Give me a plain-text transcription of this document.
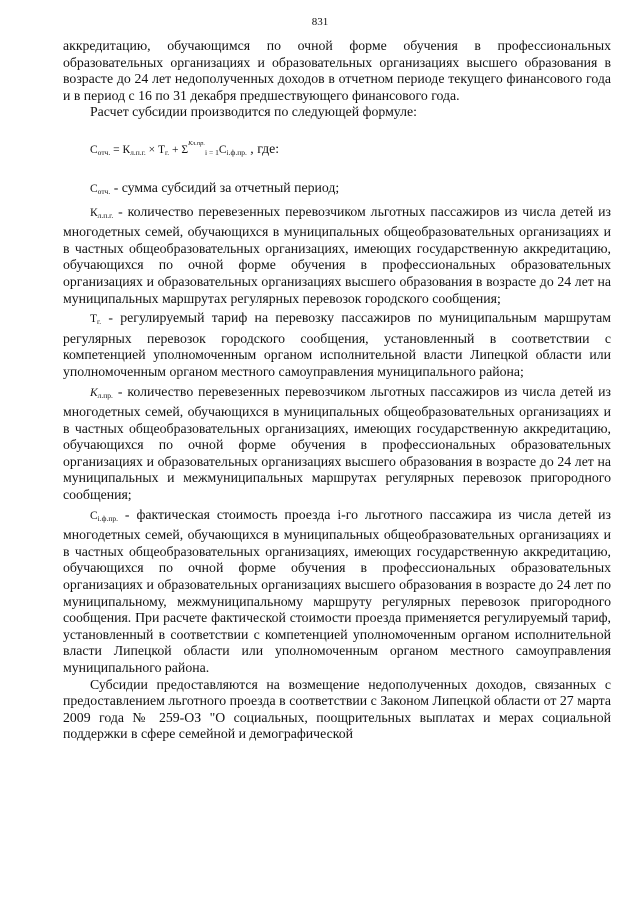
831

аккредитацию, обучающимся по очной форме обучения в профессиональных образовательных организациях и образовательных организациях высшего образования в возрасте до 24 лет недополученных доходов в отчетном периоде текущего финансового года и в период с 16 по 31 декабря предшествующего финансового года.

Расчет субсидии производится по следующей формуле:

$С_{отч.} = К_{л.п.г.} \times Т_{г.} + \Sigma^{Кл.пр.}_{i = 1}С_{i.ф.пр.}$ , где:

$С_{отч.}$ - сумма субсидий за отчетный период;

$К_{л.п.г.}$ - количество перевезенных перевозчиком льготных пассажиров из числа детей из многодетных семей, обучающихся в муниципальных общеобразовательных организациях и в частных общеобразовательных организациях, имеющих государственную аккредитацию, обучающихся по очной форме обучения в профессиональных образовательных организациях и образовательных организациях высшего образования в возрасте до 24 лет на муниципальных маршрутах регулярных перевозок городского сообщения;

$Т_{г.}$ - регулируемый тариф на перевозку пассажиров по муниципальным маршрутам регулярных перевозок городского сообщения, установленный в соответствии с компетенцией уполномоченным органом исполнительной власти Липецкой области или уполномоченным органом местного самоуправления муниципального района;

$К_{л.пр.}$ - количество перевезенных перевозчиком льготных пассажиров из числа детей из многодетных семей, обучающихся в муниципальных общеобразовательных организациях и в частных общеобразовательных организациях, имеющих государственную аккредитацию, обучающихся по очной форме обучения в профессиональных образовательных организациях и образовательных организациях высшего образования в возрасте до 24 лет на муниципальных и межмуниципальных маршрутах регулярных перевозок пригородного сообщения;

$С_{i.ф.пр.}$ - фактическая стоимость проезда i-го льготного пассажира из числа детей из многодетных семей, обучающихся в муниципальных общеобразовательных организациях и в частных общеобразовательных организациях, имеющих государственную аккредитацию, обучающихся по очной форме обучения в профессиональных образовательных организациях и образовательных организациях высшего образования в возрасте до 24 лет по муниципальному, межмуниципальному маршруту регулярных перевозок пригородного сообщения. При расчете фактической стоимости проезда применяется регулируемый тариф, установленный в соответствии с компетенцией уполномоченным органом исполнительной власти Липецкой области или уполномоченным органом местного самоуправления муниципального района.

Субсидии предоставляются на возмещение недополученных доходов, связанных с предоставлением льготного проезда в соответствии с Законом Липецкой области от 27 марта 2009 года № 259-ОЗ "О социальных, поощрительных выплатах и мерах социальной поддержки в сфере семейной и демографической
